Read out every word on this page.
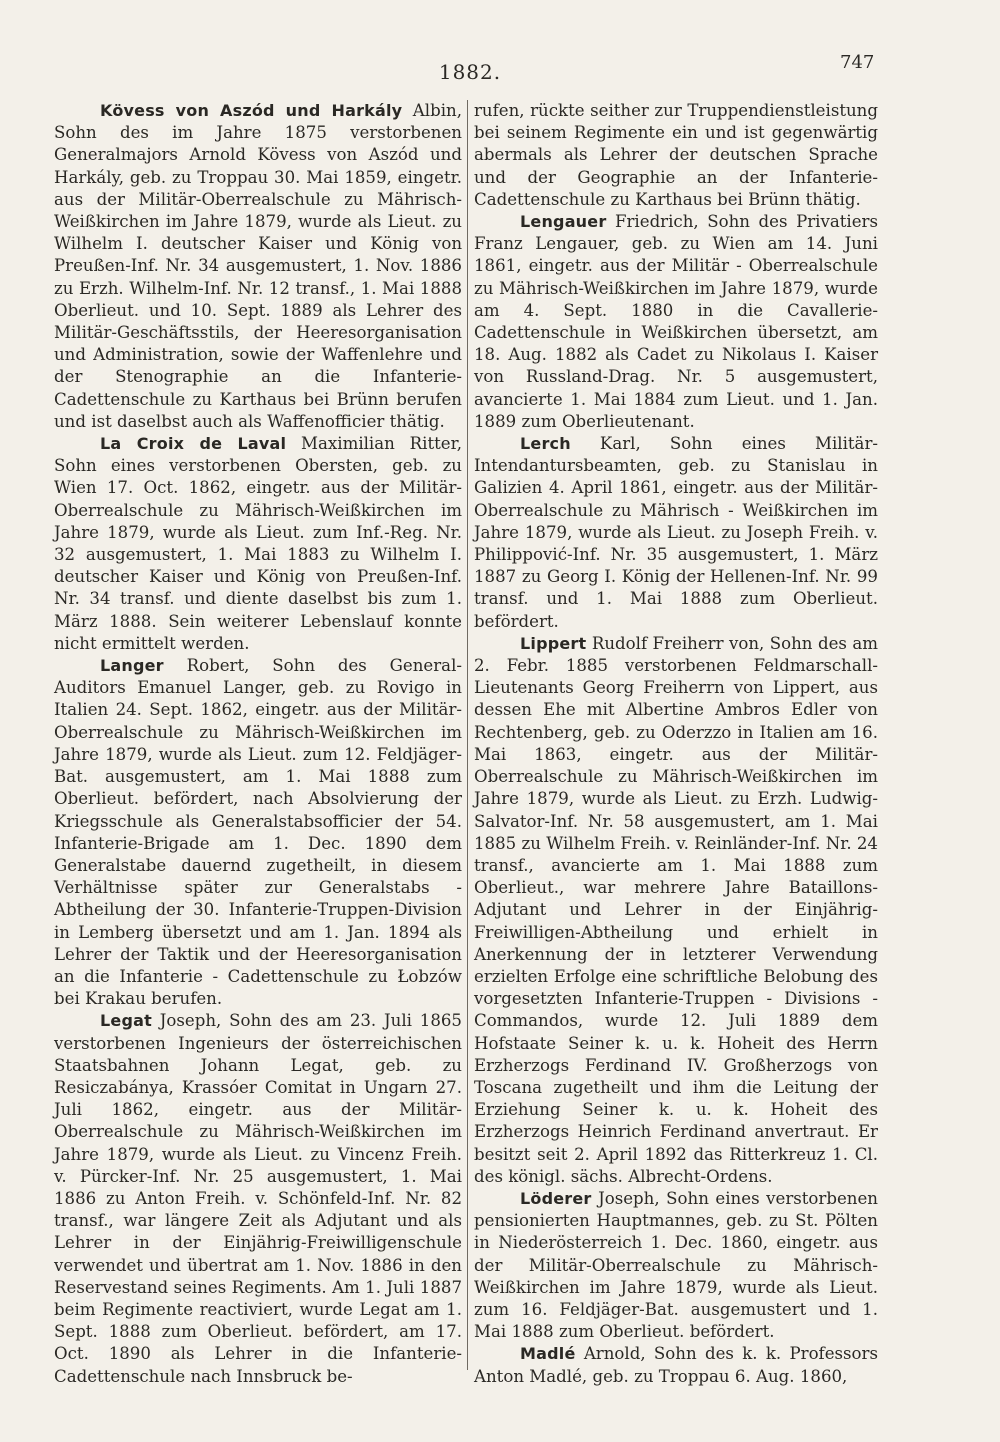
1882.	747

Kövess von Aszód und Harkály Albin, Sohn des im Jahre 1875 verstorbenen Generalmajors Arnold Kövess von Aszód und Harkály, geb. zu Troppau 30. Mai 1859, eingetr. aus der Militär-Oberrealschule zu Mährisch-Weißkirchen im Jahre 1879, wurde als Lieut. zu Wilhelm I. deutscher Kaiser und König von Preußen-Inf. Nr. 34 ausgemustert, 1. Nov. 1886 zu Erzh. Wilhelm-Inf. Nr. 12 transf., 1. Mai 1888 Oberlieut. und 10. Sept. 1889 als Lehrer des Militär-Geschäftsstils, der Heeresorganisation und Administration, sowie der Waffenlehre und der Stenographie an die Infanterie-Cadettenschule zu Karthaus bei Brünn berufen und ist daselbst auch als Waffenofficier thätig.

La Croix de Laval Maximilian Ritter, Sohn eines verstorbenen Obersten, geb. zu Wien 17. Oct. 1862, eingetr. aus der Militär-Oberrealschule zu Mährisch-Weißkirchen im Jahre 1879, wurde als Lieut. zum Inf.-Reg. Nr. 32 ausgemustert, 1. Mai 1883 zu Wilhelm I. deutscher Kaiser und König von Preußen-Inf. Nr. 34 transf. und diente daselbst bis zum 1. März 1888. Sein weiterer Lebenslauf konnte nicht ermittelt werden.

Langer Robert, Sohn des General-Auditors Emanuel Langer, geb. zu Rovigo in Italien 24. Sept. 1862, eingetr. aus der Militär-Oberrealschule zu Mährisch-Weißkirchen im Jahre 1879, wurde als Lieut. zum 12. Feldjäger-Bat. ausgemustert, am 1. Mai 1888 zum Oberlieut. befördert, nach Absolvierung der Kriegsschule als Generalstabsofficier der 54. Infanterie-Brigade am 1. Dec. 1890 dem Generalstabe dauernd zugetheilt, in diesem Verhältnisse später zur Generalstabs - Abtheilung der 30. Infanterie-Truppen-Division in Lemberg übersetzt und am 1. Jan. 1894 als Lehrer der Taktik und der Heeresorganisation an die Infanterie - Cadettenschule zu Łobzów bei Krakau berufen.

Legat Joseph, Sohn des am 23. Juli 1865 verstorbenen Ingenieurs der österreichischen Staatsbahnen Johann Legat, geb. zu Resiczabánya, Krassóer Comitat in Ungarn 27. Juli 1862, eingetr. aus der Militär-Oberrealschule zu Mährisch-Weißkirchen im Jahre 1879, wurde als Lieut. zu Vincenz Freih. v. Pürcker-Inf. Nr. 25 ausgemustert, 1. Mai 1886 zu Anton Freih. v. Schönfeld-Inf. Nr. 82 transf., war längere Zeit als Adjutant und als Lehrer in der Einjährig-Freiwilligenschule verwendet und übertrat am 1. Nov. 1886 in den Reservestand seines Regiments. Am 1. Juli 1887 beim Regimente reactiviert, wurde Legat am 1. Sept. 1888 zum Oberlieut. befördert, am 17. Oct. 1890 als Lehrer in die Infanterie-Cadettenschule nach Innsbruck be-

rufen, rückte seither zur Truppendienstleistung bei seinem Regimente ein und ist gegenwärtig abermals als Lehrer der deutschen Sprache und der Geographie an der Infanterie-Cadettenschule zu Karthaus bei Brünn thätig.

Lengauer Friedrich, Sohn des Privatiers Franz Lengauer, geb. zu Wien am 14. Juni 1861, eingetr. aus der Militär - Oberrealschule zu Mährisch-Weißkirchen im Jahre 1879, wurde am 4. Sept. 1880 in die Cavallerie-Cadettenschule in Weißkirchen übersetzt, am 18. Aug. 1882 als Cadet zu Nikolaus I. Kaiser von Russland-Drag. Nr. 5 ausgemustert, avancierte 1. Mai 1884 zum Lieut. und 1. Jan. 1889 zum Oberlieutenant.

Lerch Karl, Sohn eines Militär-Intendantursbeamten, geb. zu Stanislau in Galizien 4. April 1861, eingetr. aus der Militär-Oberrealschule zu Mährisch - Weißkirchen im Jahre 1879, wurde als Lieut. zu Joseph Freih. v. Philippović-Inf. Nr. 35 ausgemustert, 1. März 1887 zu Georg I. König der Hellenen-Inf. Nr. 99 transf. und 1. Mai 1888 zum Oberlieut. befördert.

Lippert Rudolf Freiherr von, Sohn des am 2. Febr. 1885 verstorbenen Feldmarschall-Lieutenants Georg Freiherrn von Lippert, aus dessen Ehe mit Albertine Ambros Edler von Rechtenberg, geb. zu Oderzzo in Italien am 16. Mai 1863, eingetr. aus der Militär-Oberrealschule zu Mährisch-Weißkirchen im Jahre 1879, wurde als Lieut. zu Erzh. Ludwig-Salvator-Inf. Nr. 58 ausgemustert, am 1. Mai 1885 zu Wilhelm Freih. v. Reinländer-Inf. Nr. 24 transf., avancierte am 1. Mai 1888 zum Oberlieut., war mehrere Jahre Bataillons-Adjutant und Lehrer in der Einjährig-Freiwilligen-Abtheilung und erhielt in Anerkennung der in letzterer Verwendung erzielten Erfolge eine schriftliche Belobung des vorgesetzten Infanterie-Truppen - Divisions - Commandos, wurde 12. Juli 1889 dem Hofstaate Seiner k. u. k. Hoheit des Herrn Erzherzogs Ferdinand IV. Großherzogs von Toscana zugetheilt und ihm die Leitung der Erziehung Seiner k. u. k. Hoheit des Erzherzogs Heinrich Ferdinand anvertraut. Er besitzt seit 2. April 1892 das Ritterkreuz 1. Cl. des königl. sächs. Albrecht-Ordens.

Löderer Joseph, Sohn eines verstorbenen pensionierten Hauptmannes, geb. zu St. Pölten in Niederösterreich 1. Dec. 1860, eingetr. aus der Militär-Oberrealschule zu Mährisch-Weißkirchen im Jahre 1879, wurde als Lieut. zum 16. Feldjäger-Bat. ausgemustert und 1. Mai 1888 zum Oberlieut. befördert.

Madlé Arnold, Sohn des k. k. Professors Anton Madlé, geb. zu Troppau 6. Aug. 1860,
